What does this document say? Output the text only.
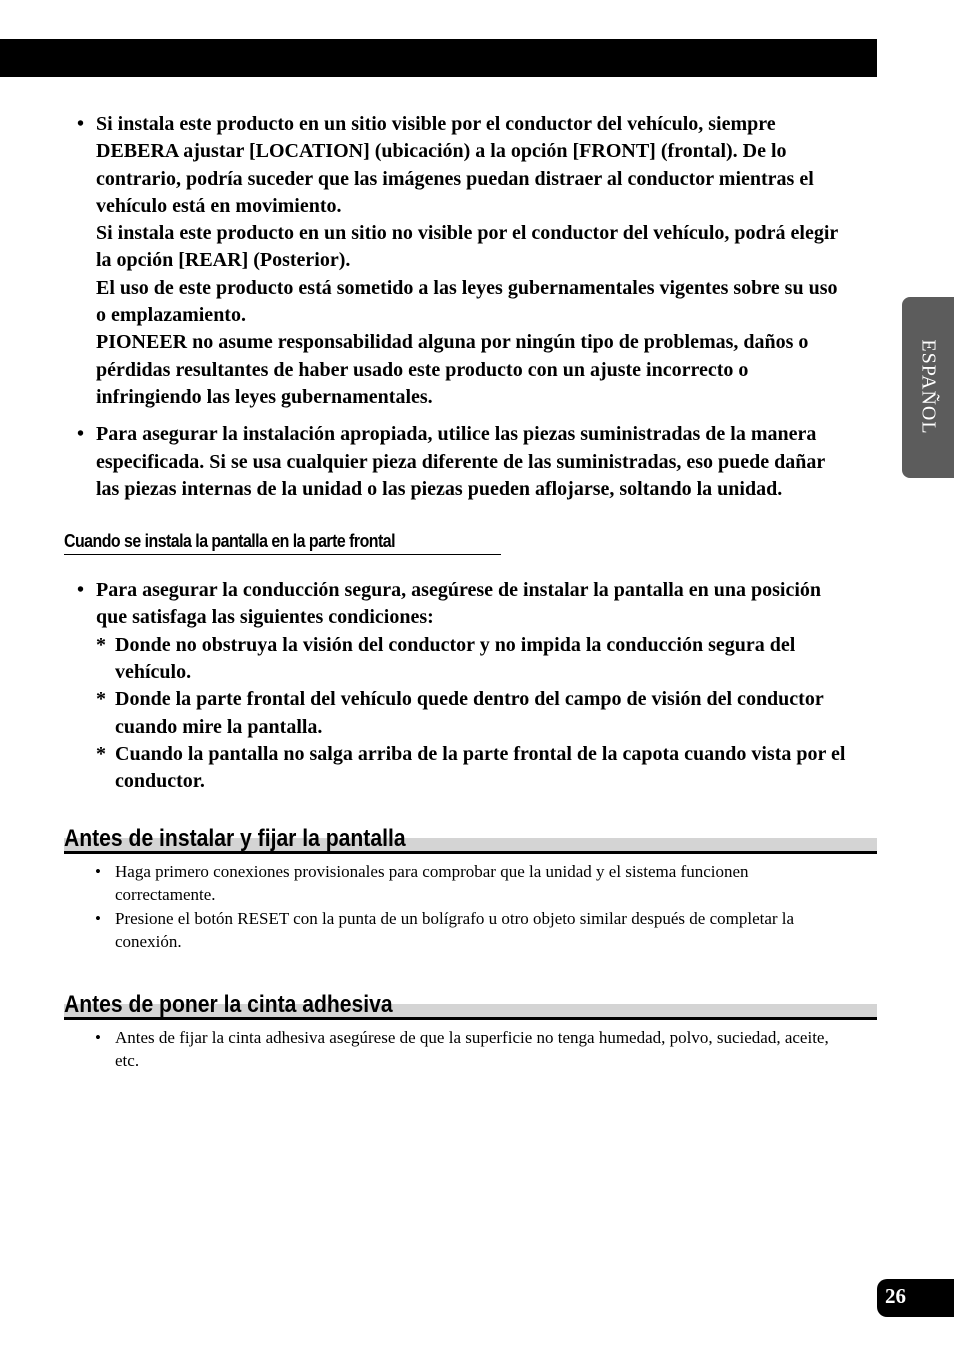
ESPAÑOL
• Si instala este producto en un sitio visible por el conductor del vehículo, siempre DEBERA ajustar [LOCATION] (ubicación) a la opción [FRONT] (frontal). De lo contrario, podría suceder que las imágenes puedan distraer al conductor mientras el vehículo está en movimiento.

Si instala este producto en un sitio no visible por el conductor del vehículo, podrá elegir la opción [REAR] (Posterior).

El uso de este producto está sometido a las leyes gubernamentales vigentes sobre su uso o emplazamiento.

PIONEER no asume responsabilidad alguna por ningún tipo de problemas, daños o pérdidas resultantes de haber usado este producto con un ajuste incorrecto o infringiendo las leyes gubernamentales.

• Para asegurar la instalación apropiada, utilice las piezas suministradas de la manera especificada. Si se usa cualquier pieza diferente de las suministradas, eso puede dañar las piezas internas de la unidad o las piezas pueden aflojarse, soltando la unidad.

Cuando se instala la pantalla en la parte frontal
• Para asegurar la conducción segura, asegúrese de instalar la pantalla en una posición que satisfaga las siguientes condiciones:

* Donde no obstruya la visión del conductor y no impida la conducción segura del vehículo.
* Donde la parte frontal del vehículo quede dentro del campo de visión del conductor cuando mire la pantalla.
* Cuando la pantalla no salga arriba de la parte frontal de la capota cuando vista por el conductor.
Antes de instalar y fijar la pantalla
• Haga primero conexiones provisionales para comprobar que la unidad y el sistema funcionen correctamente.
• Presione el botón RESET con la punta de un bolígrafo u otro objeto similar después de completar la conexión.
Antes de poner la cinta adhesiva
• Antes de fijar la cinta adhesiva asegúrese de que la superficie no tenga humedad, polvo, suciedad, aceite, etc.
26
